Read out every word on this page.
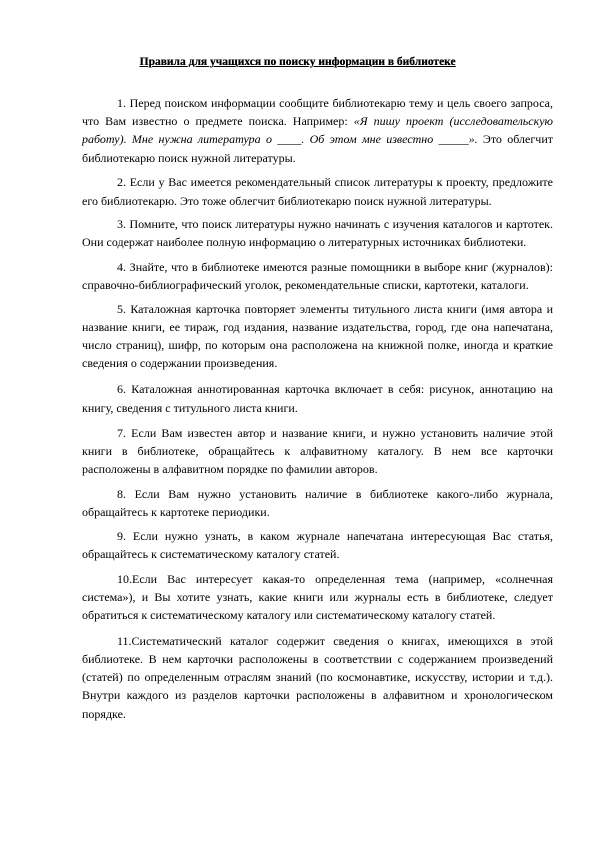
Правила для учащихся по поиску информации в библиотеке

1. Перед поиском информации сообщите библиотекарю тему и цель своего запроса, что Вам известно о предмете поиска. Например: «Я пишу проект (исследовательскую работу). Мне нужна литература о ____. Об этом мне известно _____». Это облегчит библиотекарю поиск нужной литературы.

2. Если у Вас имеется рекомендательный список литературы к проекту, предложите его библиотекарю. Это тоже облегчит библиотекарю поиск нужной литературы.

3. Помните, что поиск литературы нужно начинать с изучения каталогов и картотек. Они содержат наиболее полную информацию о литературных источниках библиотеки.

4. Знайте, что в библиотеке имеются разные помощники в выборе книг (журналов): справочно-библиографический уголок, рекомендательные списки, картотеки, каталоги.

5. Каталожная карточка повторяет элементы титульного листа книги (имя автора и название книги, ее тираж, год издания, название издательства, город, где она напечатана, число страниц), шифр, по которым она расположена на книжной полке, иногда и краткие сведения о содержании произведения.

6. Каталожная аннотированная карточка включает в себя: рисунок, аннотацию на книгу, сведения с титульного листа книги.

7. Если Вам известен автор и название книги, и нужно установить наличие этой книги в библиотеке, обращайтесь к алфавитному каталогу. В нем все карточки расположены в алфавитном порядке по фамилии авторов.

8. Если Вам нужно установить наличие в библиотеке какого-либо журнала, обращайтесь к картотеке периодики.

9. Если нужно узнать, в каком журнале напечатана интересующая Вас статья, обращайтесь к систематическому каталогу статей.

10.Если Вас интересует какая-то определенная тема (например, «солнечная система»), и Вы хотите узнать, какие книги или журналы есть в библиотеке, следует обратиться к систематическому каталогу или систематическому каталогу статей.

11.Систематический каталог содержит сведения о книгах, имеющихся в этой библиотеке. В нем карточки расположены в соответствии с содержанием произведений (статей) по определенным отраслям знаний (по космонавтике, искусству, истории и т.д.). Внутри каждого из разделов карточки расположены в алфавитном и хронологическом порядке.
